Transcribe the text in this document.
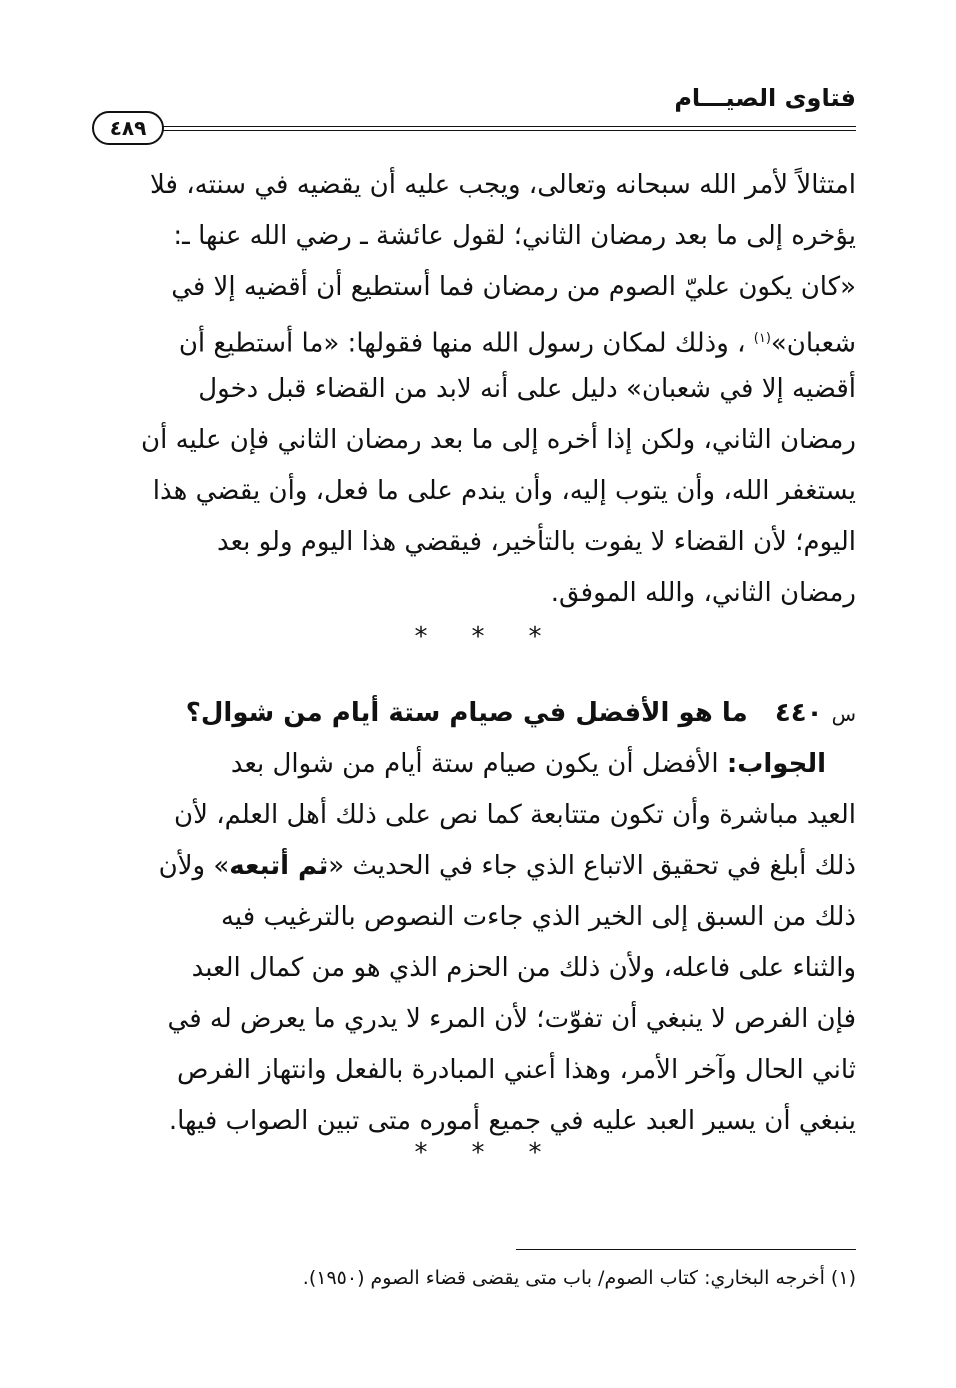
فتاوى الصيـــام
٤٨٩
امتثالاً لأمر الله سبحانه وتعالى، ويجب عليه أن يقضيه في سنته، فلا
يؤخره إلى ما بعد رمضان الثاني؛ لقول عائشة ـ رضي الله عنها ـ:
«كان يكون عليّ الصوم من رمضان فما أستطيع أن أقضيه إلا في
شعبان»$^{(١)}$ ، وذلك لمكان رسول الله منها فقولها: «ما أستطيع أن
أقضيه إلا في شعبان» دليل على أنه لابد من القضاء قبل دخول
رمضان الثاني، ولكن إذا أخره إلى ما بعد رمضان الثاني فإن عليه أن
يستغفر الله، وأن يتوب إليه، وأن يندم على ما فعل، وأن يقضي هذا
اليوم؛ لأن القضاء لا يفوت بالتأخير، فيقضي هذا اليوم ولو بعد
رمضان الثاني، والله الموفق.
* * *
س ٤٤٠   ما هو الأفضل في صيام ستة أيام من شوال؟
الجواب: الأفضل أن يكون صيام ستة أيام من شوال بعد
العيد مباشرة وأن تكون متتابعة كما نص على ذلك أهل العلم، لأن
ذلك أبلغ في تحقيق الاتباع الذي جاء في الحديث «ثم أتبعه» ولأن
ذلك من السبق إلى الخير الذي جاءت النصوص بالترغيب فيه
والثناء على فاعله، ولأن ذلك من الحزم الذي هو من كمال العبد
فإن الفرص لا ينبغي أن تفوّت؛ لأن المرء لا يدري ما يعرض له في
ثاني الحال وآخر الأمر، وهذا أعني المبادرة بالفعل وانتهاز الفرص
ينبغي أن يسير العبد عليه في جميع أموره متى تبين الصواب فيها.
* * *
(١) أخرجه البخاري: كتاب الصوم/ باب متى يقضى قضاء الصوم (١٩٥٠).
